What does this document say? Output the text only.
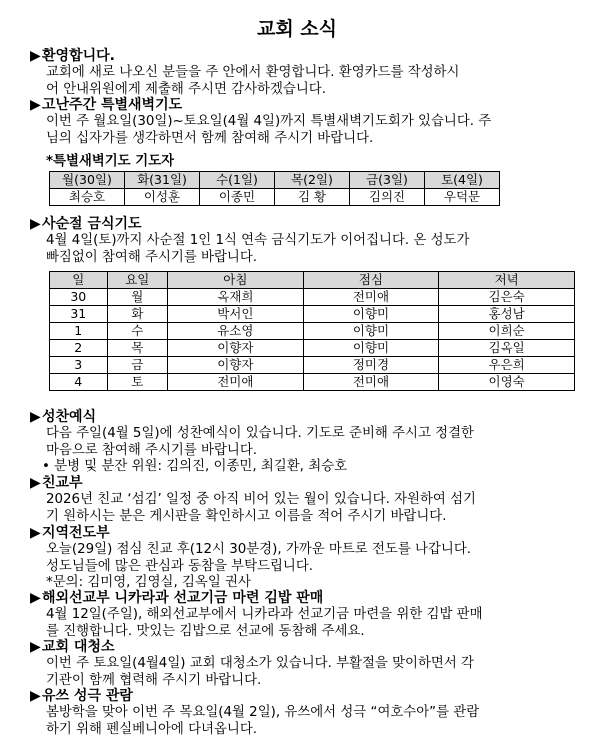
교회 소식
▶환영합니다.
교회에 새로 나오신 분들을 주 안에서 환영합니다. 환영카드를 작성하시
어 안내위원에게 제출해 주시면 감사하겠습니다.
▶고난주간 특별새벽기도
이번 주 월요일(30일)~토요일(4월 4일)까지 특별새벽기도회가 있습니다. 주
님의 십자가를 생각하면서 함께 참여해 주시기 바랍니다.
*특별새벽기도 기도자
월(30일)	화(31일)	수(1일)	목(2일)	금(3일)	토(4일)
최승호	이성훈	이종민	김 황	김의진	우덕문
▶사순절 금식기도
4월 4일(토)까지 사순절 1인 1식 연속 금식기도가 이어집니다. 온 성도가
빠짐없이 참여해 주시기를 바랍니다.
일	요일	아침	점심	저녁
30	월	옥재희	전미애	김은숙
31	화	박서인	이향미	홍성남
1	수	유소영	이향미	이희순
2	목	이향자	이향미	김옥일
3	금	이향자	정미경	우은희
4	토	전미애	전미애	이영숙
▶성찬예식
다음 주일(4월 5일)에 성찬예식이 있습니다. 기도로 준비해 주시고 정결한
마음으로 참여해 주시기를 바랍니다.
• 분병 및 분잔 위원: 김의진, 이종민, 최길환, 최승호
▶친교부
2026년 친교 ‘섬김’ 일정 중 아직 비어 있는 월이 있습니다. 자원하여 섬기
기 원하시는 분은 게시판을 확인하시고 이름을 적어 주시기 바랍니다.
▶지역전도부
오늘(29일) 점심 친교 후(12시 30분경), 가까운 마트로 전도를 나갑니다.
성도님들에 많은 관심과 동참을 부탁드립니다.
*문의: 김미영, 김영실, 김옥일 권사
▶해외선교부 니카라과 선교기금 마련 김밥 판매
4월 12일(주일), 해외선교부에서 니카라과 선교기금 마련을 위한 김밥 판매
를 진행합니다. 맛있는 김밥으로 선교에 동참해 주세요.
▶교회 대청소
이번 주 토요일(4월4일) 교회 대청소가 있습니다. 부활절을 맞이하면서 각
기관이 함께 협력해 주시기 바랍니다.
▶유쓰 성극 관람
봄방학을 맞아 이번 주 목요일(4월 2일), 유쓰에서 성극 “여호수아”를 관람
하기 위해 펜실베니아에 다녀옵니다.
